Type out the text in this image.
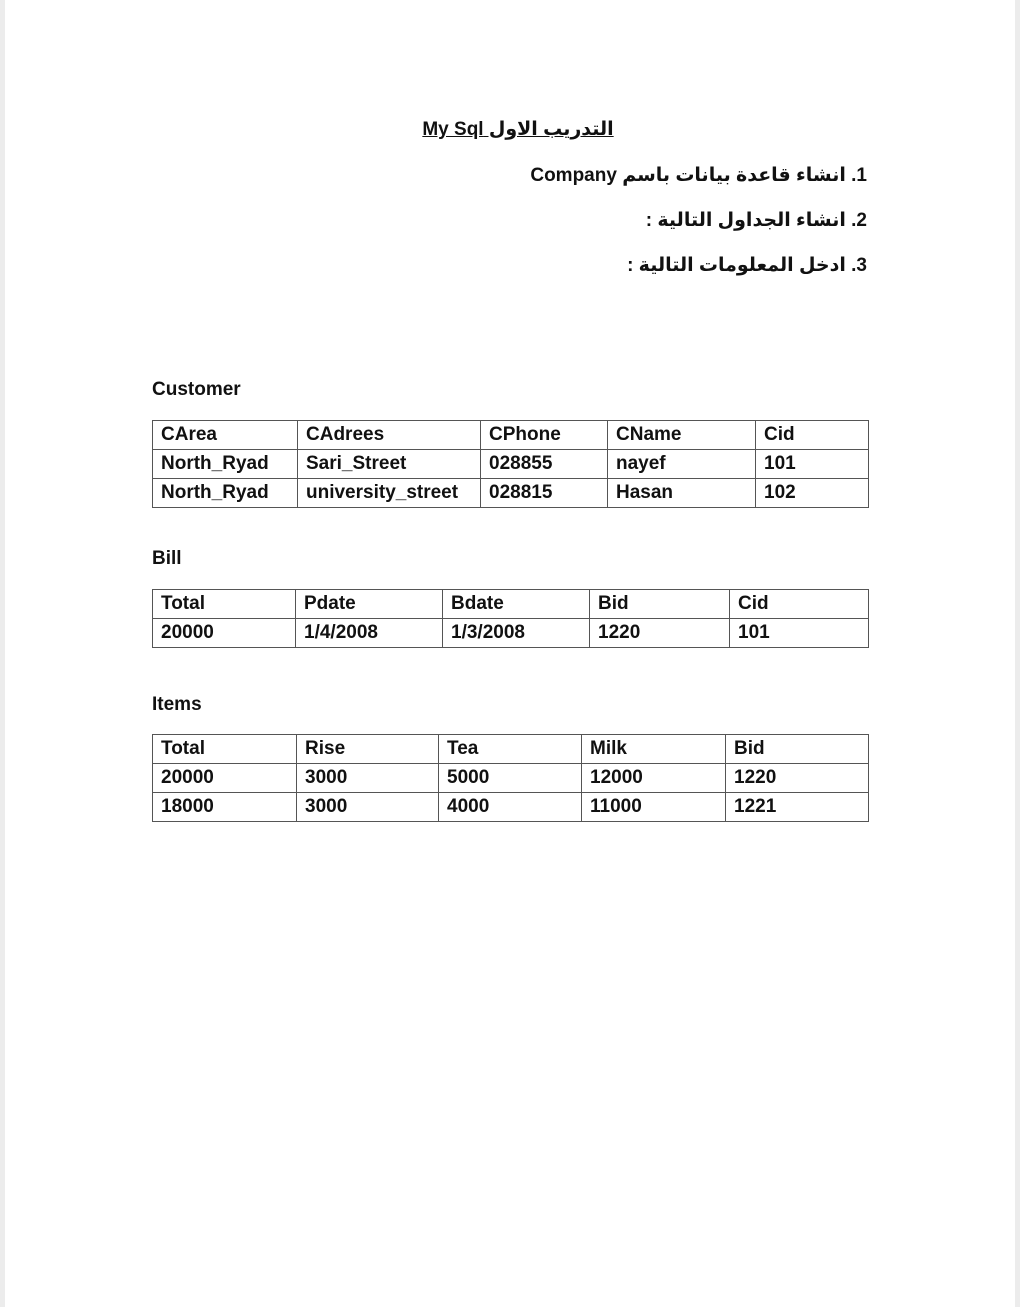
التدريب الاول My Sql
1. انشاء قاعدة بيانات باسم Company
2. انشاء الجداول التالية :
3. ادخل المعلومات التالية :
Customer
CArea	CAdrees	CPhone	CName	Cid
North_Ryad	Sari_Street	028855	nayef	101
North_Ryad	university_street	028815	Hasan	102
Bill
Total	Pdate	Bdate	Bid	Cid
20000	1/4/2008	1/3/2008	1220	101
Items
Total	Rise	Tea	Milk	Bid
20000	3000	5000	12000	1220
18000	3000	4000	11000	1221
